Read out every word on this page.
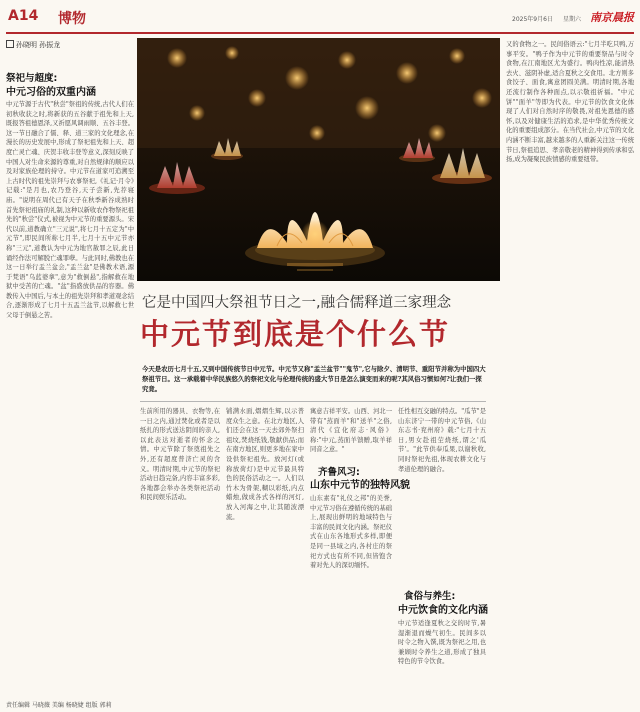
A14 博物	2025年9月6日 星期六 南京晨报
孙晓明 孙振龙
祭祀与超度:
中元习俗的双重内涵
中元节源于古代"秋尝"祭祖的传统,古代人们在初秋收获之时,将新获的五谷献于祖先和上天,既报答祖德恩泽,又祈愿风调雨顺、五谷丰登。这一节日融合了儒、释、道三家的文化理念,在漫长的历史发展中,形成了祭祀祖先和上天、超度亡灵亡魂、庆贺丰收丰登等意义,深刻反映了中国人对生命来源的尊重,对自然规律的顺应以及对家族伦理的持守。中元节在道家可追溯至上古时代的祖先崇拜与农事祭祀,《礼记·月令》记载:"是月也,农乃登谷,天子尝新,先荐寝庙。"说明在周代已有天子在秋季新谷成熟时首先祭祀祖庙的礼制,这种以新收农作物祭祀祖先的"秋尝"仪式,被视为中元节的重要源头。宋代以前,道教确立"三元说",将七月十五定为"中元节",即民间所称七月半,七月十五中元节亦称"三元",道教认为中元为地官赦罪之辰,此日诵经作法可解脱亡魂罪孽。与此同时,佛教也在这一日举行盂兰盆会,"盂兰盆"是佛教术语,源于梵语"乌蓝婆拿",意为"救倒悬",指解救在地狱中受苦的亡魂。"盆"指盛放供品的容器。佛教传入中国后,与本土的祖先崇拜和孝道观念结合,逐渐形成了七月十五盂兰盆节,以解救七世父母于倒悬之苦。
它是中国四大祭祖节日之一,融合儒释道三家理念
中元节到底是个什么节
今天是农历七月十五,又到中国传统节日中元节。中元节又称"盂兰盆节""鬼节",它与除夕、清明节、重阳节并称为中国四大祭祖节日。这一承载着中华民族悠久的祭祀文化与伦理传统的盛大节日是怎么演变而来的呢?其风俗习惯如何?让我们一探究竟。
生前所用的器具、衣物等,在一日之内,通过焚化或者是以纸扎的形式送达阴间的亲人,以此表达对逝者的怀念之情。中元节除了祭奠祖先之外,还有超度普济亡灵的含义。明清时期,中元节的祭祀活动日趋完备,内容丰富多彩,各地都会举办各类祭祀活动和民间娱乐活动。
铺满水面,熠熠生辉,以示普度众生之意。在北方地区,人们还会在这一天去郊外祭扫祖坟,焚烧纸钱,敬献供品;而在南方地区,则更多地在家中设供祭祀祖先。放河灯(或称放荷灯)是中元节最具特色的民俗活动之一。人们以竹木为骨架,糊以彩纸,内点蜡烛,做成各式各样的河灯,放入河海之中,让其随波漂流。
寓意吉祥平安。山西、河北一带有"蒸面羊"和"送羊"之俗,清代《宜化府志·风俗》称:"中元,蒸面羊馈赠,取羊祥同音之意。"
齐鲁风习:
山东中元节的独特风貌
山东素有"礼仪之邦"的美誉,中元节习俗在遵循传统的基础上,展现出鲜明的地域特色与丰富的民间文化内涵。祭祀仪式在山东各地形式多样,即便是同一县域之内,各村庄的祭祀方式也有所不同,但皆饱含着对先人的深切缅怀。
任性相互交融的特点。"瓜节"是山东济宁一带的中元节俗,《山东志书·兖州府》载:"七月十五日,男女赴祖茔烧纸,谓之'瓜节'。"此节供奉瓜果,以谢秋收,同时祭祀先祖,体现农耕文化与孝道伦理的融合。
食俗与养生:
中元饮食的文化内涵
中元节适逢夏秋之交的时节,暑湿渐退而燥气初生。民间多以时令之物入馔,既为祭祀之用,也兼顾时令养生之道,形成了独具特色的节令饮食。
又的食物之一。民间俗语云:"七月半吃只鸭,万事平安。"鸭子作为中元节的重要祭品与时令食物,在江南地区尤为盛行。鸭肉性凉,能清热去火、滋阴补虚,适合夏秋之交食用。北方则多食饺子、面食,寓意团圆美满。明清时期,各地还流行制作各种面点,以示敬祖祈福。"中元饼""面羊"等即为代表。中元节的饮食文化体现了人们对自然时序的敬畏,对祖先恩德的感怀,以及对健康生活的追求,是中华优秀传统文化的重要组成部分。在当代社会,中元节的文化内涵不断丰富,越来越多的人重新关注这一传统节日,祭祖追思、孝亲敬老的精神得到传承和弘扬,成为凝聚民族情感的重要纽带。
责任编辑 马晓薇 美编 杨晓婕 组版 郭莉
